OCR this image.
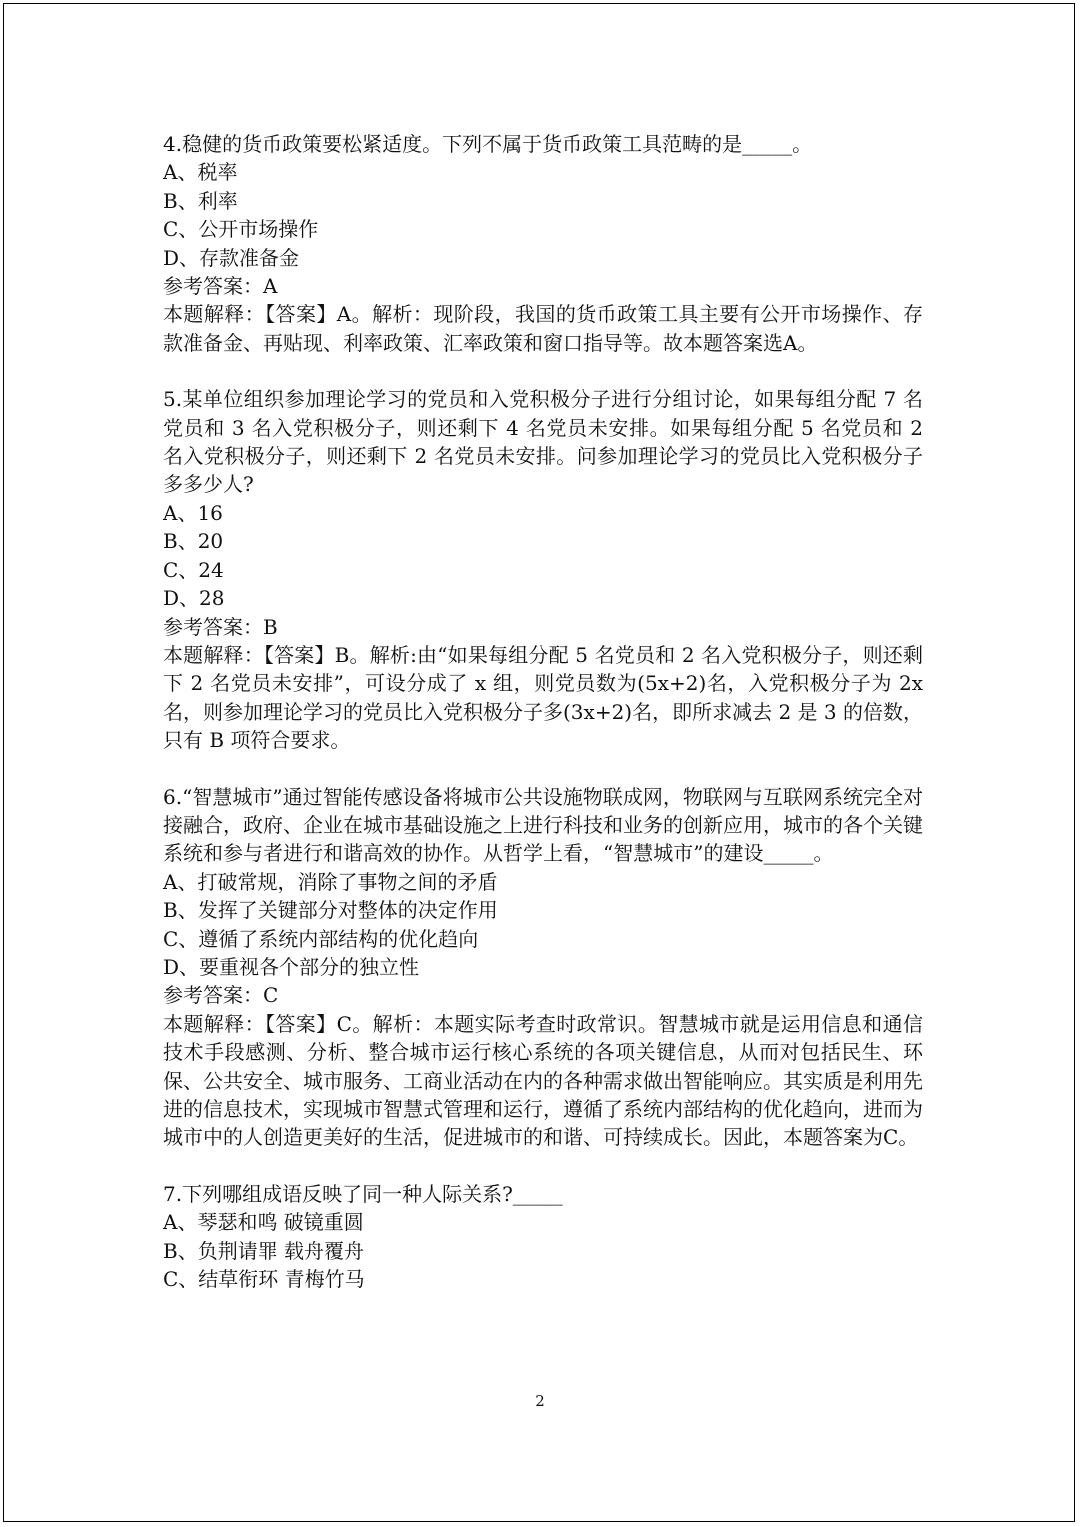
4.稳健的货币政策要松紧适度。下列不属于货币政策工具范畴的是_____。
A、税率
B、利率
C、公开市场操作
D、存款准备金
参考答案：A
本题解释：【答案】A。解析：现阶段，我国的货币政策工具主要有公开市场操作、存款准备金、再贴现、利率政策、汇率政策和窗口指导等。故本题答案选A。
5.某单位组织参加理论学习的党员和入党积极分子进行分组讨论，如果每组分配 7 名党员和 3 名入党积极分子，则还剩下 4 名党员未安排。如果每组分配 5 名党员和 2 名入党积极分子，则还剩下 2 名党员未安排。问参加理论学习的党员比入党积极分子多多少人?
A、16
B、20
C、24
D、28
参考答案：B
本题解释：【答案】B。解析:由“如果每组分配 5 名党员和 2 名入党积极分子，则还剩下 2 名党员未安排”，可设分成了 x 组，则党员数为(5x+2)名，入党积极分子为 2x 名，则参加理论学习的党员比入党积极分子多(3x+2)名，即所求减去 2 是 3 的倍数，只有 B 项符合要求。
6.“智慧城市”通过智能传感设备将城市公共设施物联成网，物联网与互联网系统完全对接融合，政府、企业在城市基础设施之上进行科技和业务的创新应用，城市的各个关键系统和参与者进行和谐高效的协作。从哲学上看，“智慧城市”的建设_____。
A、打破常规，消除了事物之间的矛盾
B、发挥了关键部分对整体的决定作用
C、遵循了系统内部结构的优化趋向
D、要重视各个部分的独立性
参考答案：C
本题解释：【答案】C。解析：本题实际考查时政常识。智慧城市就是运用信息和通信技术手段感测、分析、整合城市运行核心系统的各项关键信息，从而对包括民生、环保、公共安全、城市服务、工商业活动在内的各种需求做出智能响应。其实质是利用先进的信息技术，实现城市智慧式管理和运行，遵循了系统内部结构的优化趋向，进而为城市中的人创造更美好的生活，促进城市的和谐、可持续成长。因此，本题答案为C。
7.下列哪组成语反映了同一种人际关系?_____
A、琴瑟和鸣 破镜重圆
B、负荆请罪 载舟覆舟
C、结草衔环 青梅竹马
2
